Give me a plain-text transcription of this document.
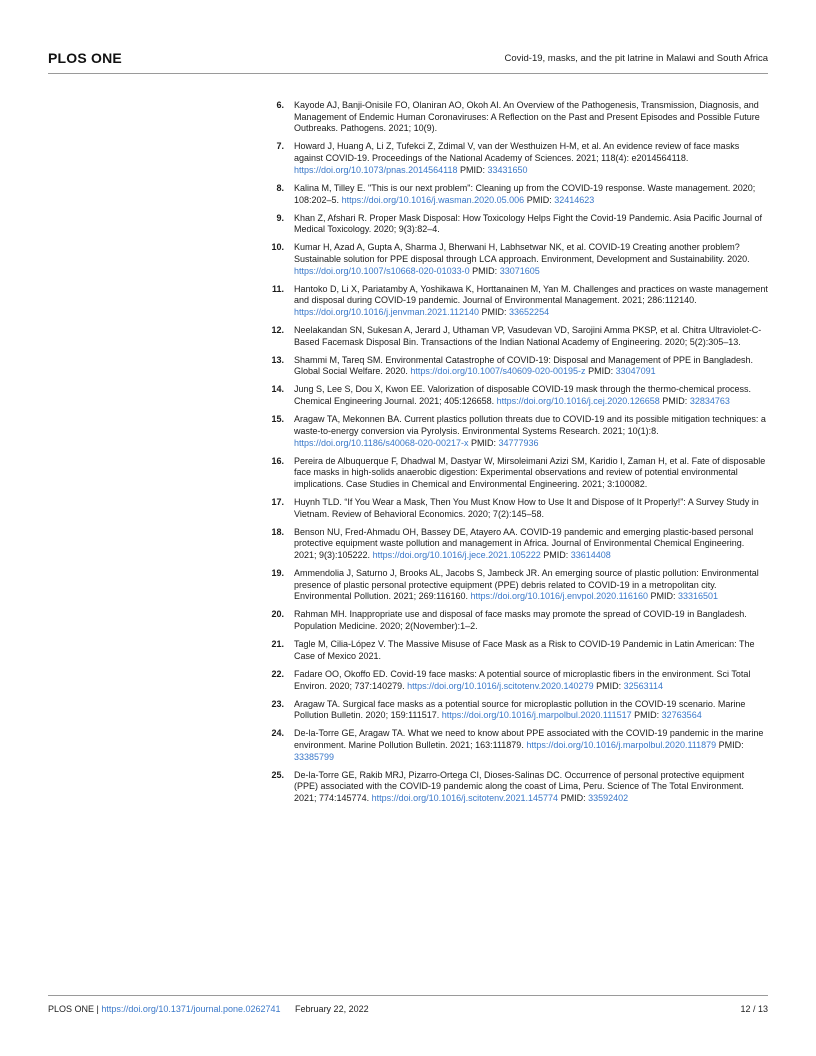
PLOS ONE	Covid-19, masks, and the pit latrine in Malawi and South Africa
6. Kayode AJ, Banji-Onisile FO, Olaniran AO, Okoh AI. An Overview of the Pathogenesis, Transmission, Diagnosis, and Management of Endemic Human Coronaviruses: A Reflection on the Past and Present Episodes and Possible Future Outbreaks. Pathogens. 2021; 10(9).
7. Howard J, Huang A, Li Z, Tufekci Z, Zdimal V, van der Westhuizen H-M, et al. An evidence review of face masks against COVID-19. Proceedings of the National Academy of Sciences. 2021; 118(4): e2014564118. https://doi.org/10.1073/pnas.2014564118 PMID: 33431650
8. Kalina M, Tilley E. "This is our next problem": Cleaning up from the COVID-19 response. Waste management. 2020; 108:202–5. https://doi.org/10.1016/j.wasman.2020.05.006 PMID: 32414623
9. Khan Z, Afshari R. Proper Mask Disposal: How Toxicology Helps Fight the Covid-19 Pandemic. Asia Pacific Journal of Medical Toxicology. 2020; 9(3):82–4.
10. Kumar H, Azad A, Gupta A, Sharma J, Bherwani H, Labhsetwar NK, et al. COVID-19 Creating another problem? Sustainable solution for PPE disposal through LCA approach. Environment, Development and Sustainability. 2020. https://doi.org/10.1007/s10668-020-01033-0 PMID: 33071605
11. Hantoko D, Li X, Pariatamby A, Yoshikawa K, Horttanainen M, Yan M. Challenges and practices on waste management and disposal during COVID-19 pandemic. Journal of Environmental Management. 2021; 286:112140. https://doi.org/10.1016/j.jenvman.2021.112140 PMID: 33652254
12. Neelakandan SN, Sukesan A, Jerard J, Uthaman VP, Vasudevan VD, Sarojini Amma PKSP, et al. Chitra Ultraviolet-C-Based Facemask Disposal Bin. Transactions of the Indian National Academy of Engineering. 2020; 5(2):305–13.
13. Shammi M, Tareq SM. Environmental Catastrophe of COVID-19: Disposal and Management of PPE in Bangladesh. Global Social Welfare. 2020. https://doi.org/10.1007/s40609-020-00195-z PMID: 33047091
14. Jung S, Lee S, Dou X, Kwon EE. Valorization of disposable COVID-19 mask through the thermo-chemical process. Chemical Engineering Journal. 2021; 405:126658. https://doi.org/10.1016/j.cej.2020.126658 PMID: 32834763
15. Aragaw TA, Mekonnen BA. Current plastics pollution threats due to COVID-19 and its possible mitigation techniques: a waste-to-energy conversion via Pyrolysis. Environmental Systems Research. 2021; 10(1):8. https://doi.org/10.1186/s40068-020-00217-x PMID: 34777936
16. Pereira de Albuquerque F, Dhadwal M, Dastyar W, Mirsoleimani Azizi SM, Karidio I, Zaman H, et al. Fate of disposable face masks in high-solids anaerobic digestion: Experimental observations and review of potential environmental implications. Case Studies in Chemical and Environmental Engineering. 2021; 3:100082.
17. Huynh TLD. “If You Wear a Mask, Then You Must Know How to Use It and Dispose of It Properly!”: A Survey Study in Vietnam. Review of Behavioral Economics. 2020; 7(2):145–58.
18. Benson NU, Fred-Ahmadu OH, Bassey DE, Atayero AA. COVID-19 pandemic and emerging plastic-based personal protective equipment waste pollution and management in Africa. Journal of Environmental Chemical Engineering. 2021; 9(3):105222. https://doi.org/10.1016/j.jece.2021.105222 PMID: 33614408
19. Ammendolia J, Saturno J, Brooks AL, Jacobs S, Jambeck JR. An emerging source of plastic pollution: Environmental presence of plastic personal protective equipment (PPE) debris related to COVID-19 in a metropolitan city. Environmental Pollution. 2021; 269:116160. https://doi.org/10.1016/j.envpol.2020.116160 PMID: 33316501
20. Rahman MH. Inappropriate use and disposal of face masks may promote the spread of COVID-19 in Bangladesh. Population Medicine. 2020; 2(November):1–2.
21. Tagle M, Cilia-López V. The Massive Misuse of Face Mask as a Risk to COVID-19 Pandemic in Latin American: The Case of Mexico 2021.
22. Fadare OO, Okoffo ED. Covid-19 face masks: A potential source of microplastic fibers in the environment. Sci Total Environ. 2020; 737:140279. https://doi.org/10.1016/j.scitotenv.2020.140279 PMID: 32563114
23. Aragaw TA. Surgical face masks as a potential source for microplastic pollution in the COVID-19 scenario. Marine Pollution Bulletin. 2020; 159:111517. https://doi.org/10.1016/j.marpolbul.2020.111517 PMID: 32763564
24. De-la-Torre GE, Aragaw TA. What we need to know about PPE associated with the COVID-19 pandemic in the marine environment. Marine Pollution Bulletin. 2021; 163:111879. https://doi.org/10.1016/j.marpolbul.2020.111879 PMID: 33385799
25. De-la-Torre GE, Rakib MRJ, Pizarro-Ortega CI, Dioses-Salinas DC. Occurrence of personal protective equipment (PPE) associated with the COVID-19 pandemic along the coast of Lima, Peru. Science of The Total Environment. 2021; 774:145774. https://doi.org/10.1016/j.scitotenv.2021.145774 PMID: 33592402
PLOS ONE | https://doi.org/10.1371/journal.pone.0262741 February 22, 2022	12 / 13
